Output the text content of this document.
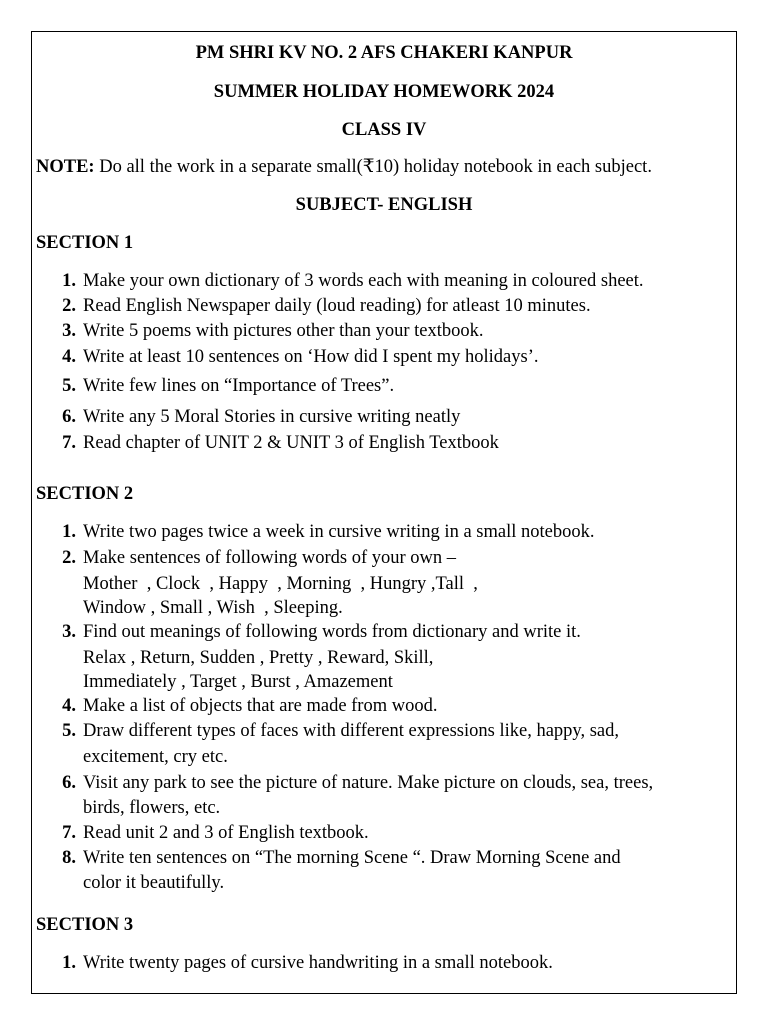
PM SHRI KV NO. 2 AFS CHAKERI KANPUR
SUMMER HOLIDAY HOMEWORK 2024
CLASS IV
NOTE: Do all the work in a separate small(₹10) holiday notebook in each subject.
SUBJECT- ENGLISH
SECTION 1
1. Make your own dictionary of 3 words each with meaning in coloured sheet.
2. Read English Newspaper daily (loud reading) for atleast 10 minutes.
3. Write 5 poems with pictures other than your textbook.
4. Write at least 10 sentences on ‘How did I spent my holidays’.
5. Write few lines on “Importance of Trees”.
6. Write any 5 Moral Stories in cursive writing neatly
7. Read chapter of UNIT 2 & UNIT 3 of English Textbook
SECTION 2
1. Write two pages twice a week in cursive writing in a small notebook.
2. Make sentences of following words of your own –
Mother  , Clock  , Happy  , Morning  , Hungry ,Tall  ,
Window , Small , Wish  , Sleeping.
3. Find out meanings of following words from dictionary and write it.
Relax , Return, Sudden , Pretty , Reward, Skill,
Immediately , Target , Burst , Amazement
4. Make a list of objects that are made from wood.
5. Draw different types of faces with different expressions like, happy, sad,
excitement, cry etc.
6. Visit any park to see the picture of nature. Make picture on clouds, sea, trees,
birds, flowers, etc.
7. Read unit 2 and 3 of English textbook.
8. Write ten sentences on “The morning Scene “. Draw Morning Scene and
color it beautifully.
SECTION 3
1. Write twenty pages of cursive handwriting in a small notebook.
